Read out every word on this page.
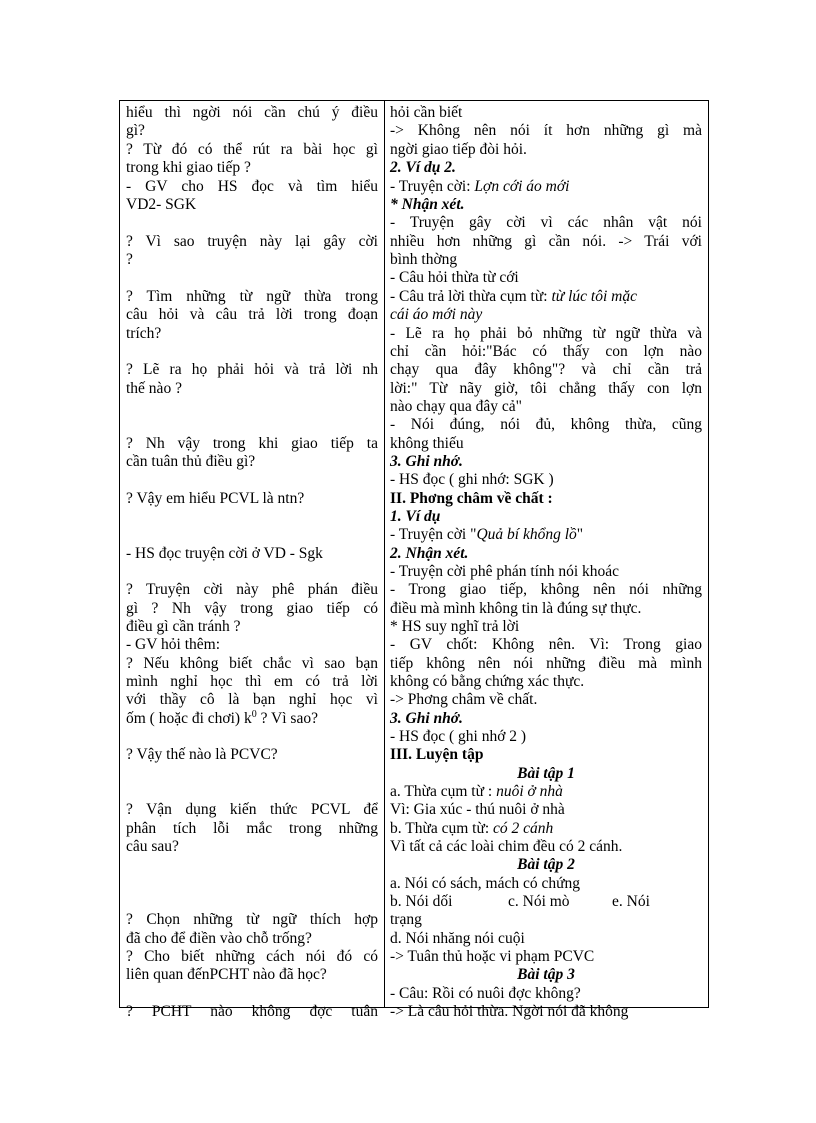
hiểu thì ngời nói cần chú ý điều
gì?
? Từ đó có thể rút ra bài học gì
trong khi giao tiếp ?
- GV cho HS đọc và tìm hiểu
VD2- SGK
? Vì sao truyện này lại gây cời
?
? Tìm những từ ngữ thừa trong
câu hỏi và câu trả lời trong đoạn
trích?
? Lẽ ra họ phải hỏi và trả lời nh
thế nào ?
? Nh vậy trong khi giao tiếp ta
cần tuân thủ điều gì?
? Vậy em hiểu PCVL là ntn?
- HS đọc truyện cời ở VD - Sgk
? Truyện cời này phê phán điều
gì ? Nh vậy trong giao tiếp có
điều gì cần tránh ?
- GV hỏi thêm:
? Nếu không biết chắc vì sao bạn
mình nghỉ học thì em có trả lời
với thầy cô là bạn nghỉ học vì
ốm ( hoặc đi chơi) $k^0$ ? Vì sao?
? Vậy thế nào là PCVC?
? Vận dụng kiến thức PCVL để
phân tích lỗi mắc trong những
câu sau?
? Chọn những từ ngữ thích hợp
đã cho để điền vào chỗ trống?
? Cho biết những cách nói đó có
liên quan đếnPCHT nào đã học?
? PCHT nào không đợc tuân
hỏi cần biết
-> Không nên nói ít hơn những gì mà
ngời giao tiếp đòi hỏi.
2. Ví dụ 2.
- Truyện cời: Lợn cới áo mới
* Nhận xét.
- Truyện gây cời vì các nhân vật nói
nhiều hơn những gì cần nói. -> Trái với
bình thờng
- Câu hỏi thừa từ cới
- Câu trả lời thừa cụm từ: từ lúc tôi mặc
cái áo mới này
- Lẽ ra họ phải bỏ những từ ngữ thừa và
chỉ cần hỏi:"Bác có thấy con lợn nào
chạy qua đây không"? và chỉ cần trả
lời:" Từ nãy giờ, tôi chẳng thấy con lợn
nào chạy qua đây cả"
- Nói đúng, nói đủ, không thừa, cũng
không thiếu
3. Ghi nhớ.
- HS đọc ( ghi nhớ: SGK )
II. Phơng châm về chất :
1. Ví dụ
- Truyện cời "Quả bí khổng lồ"
2. Nhận xét.
- Truyện cời phê phán tính nói khoác
- Trong giao tiếp, không nên nói những
điều mà mình không tin là đúng sự thực.
* HS suy nghĩ trả lời
- GV chốt: Không nên. Vì: Trong giao
tiếp không nên nói những điều mà mình
không có bằng chứng xác thực.
-> Phơng châm về chất.
3. Ghi nhớ.
- HS đọc ( ghi nhớ 2 )
III. Luyện tập
Bài tập 1
a. Thừa cụm từ : nuôi ở nhà
Vì: Gia xúc - thú nuôi ở nhà
b. Thừa cụm từ: có 2 cánh
Vì tất cả các loài chim đều có 2 cánh.
Bài tập 2
a. Nói có sách, mách có chứng
b. Nói dối	c. Nói mò	e. Nói
trạng
d. Nói nhăng nói cuội
-> Tuân thủ hoặc vi phạm PCVC
Bài tập 3
- Câu: Rồi có nuôi đợc không?
-> Là câu hỏi thừa. Ngời nói đã không
